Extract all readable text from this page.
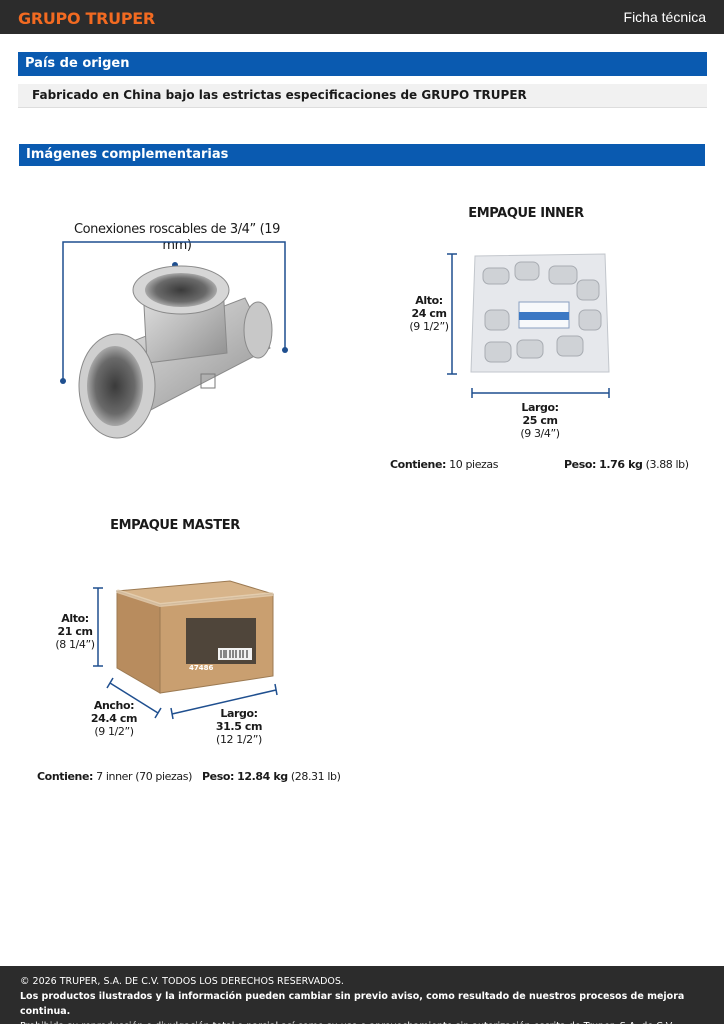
GRUPO TRUPER	Ficha técnica
País de origen
Fabricado en China bajo las estrictas especificaciones de GRUPO TRUPER
Imágenes complementarias
Conexiones roscables de 3/4” (19 mm)
EMPAQUE INNER
Alto:
24 cm
(9 1/2”)
Largo:
25 cm
(9 3/4”)
Contiene: 10 piezas	Peso: 1.76 kg (3.88 lb)
EMPAQUE MASTER
47486
Alto:
21 cm
(8 1/4”)
Ancho:
24.4 cm
(9 1/2”)
Largo:
31.5 cm
(12 1/2”)
Contiene: 7 inner (70 piezas) Peso: 12.84 kg (28.31 lb)
© 2026 TRUPER, S.A. DE C.V. TODOS LOS DERECHOS RESERVADOS.
Los productos ilustrados y la información pueden cambiar sin previo aviso, como resultado de nuestros procesos de mejora continua.
Prohibida su reproducción o divulgación total o parcial así como su uso o aprovechamiento sin autorización escrita de Truper, S.A. de C.V.
